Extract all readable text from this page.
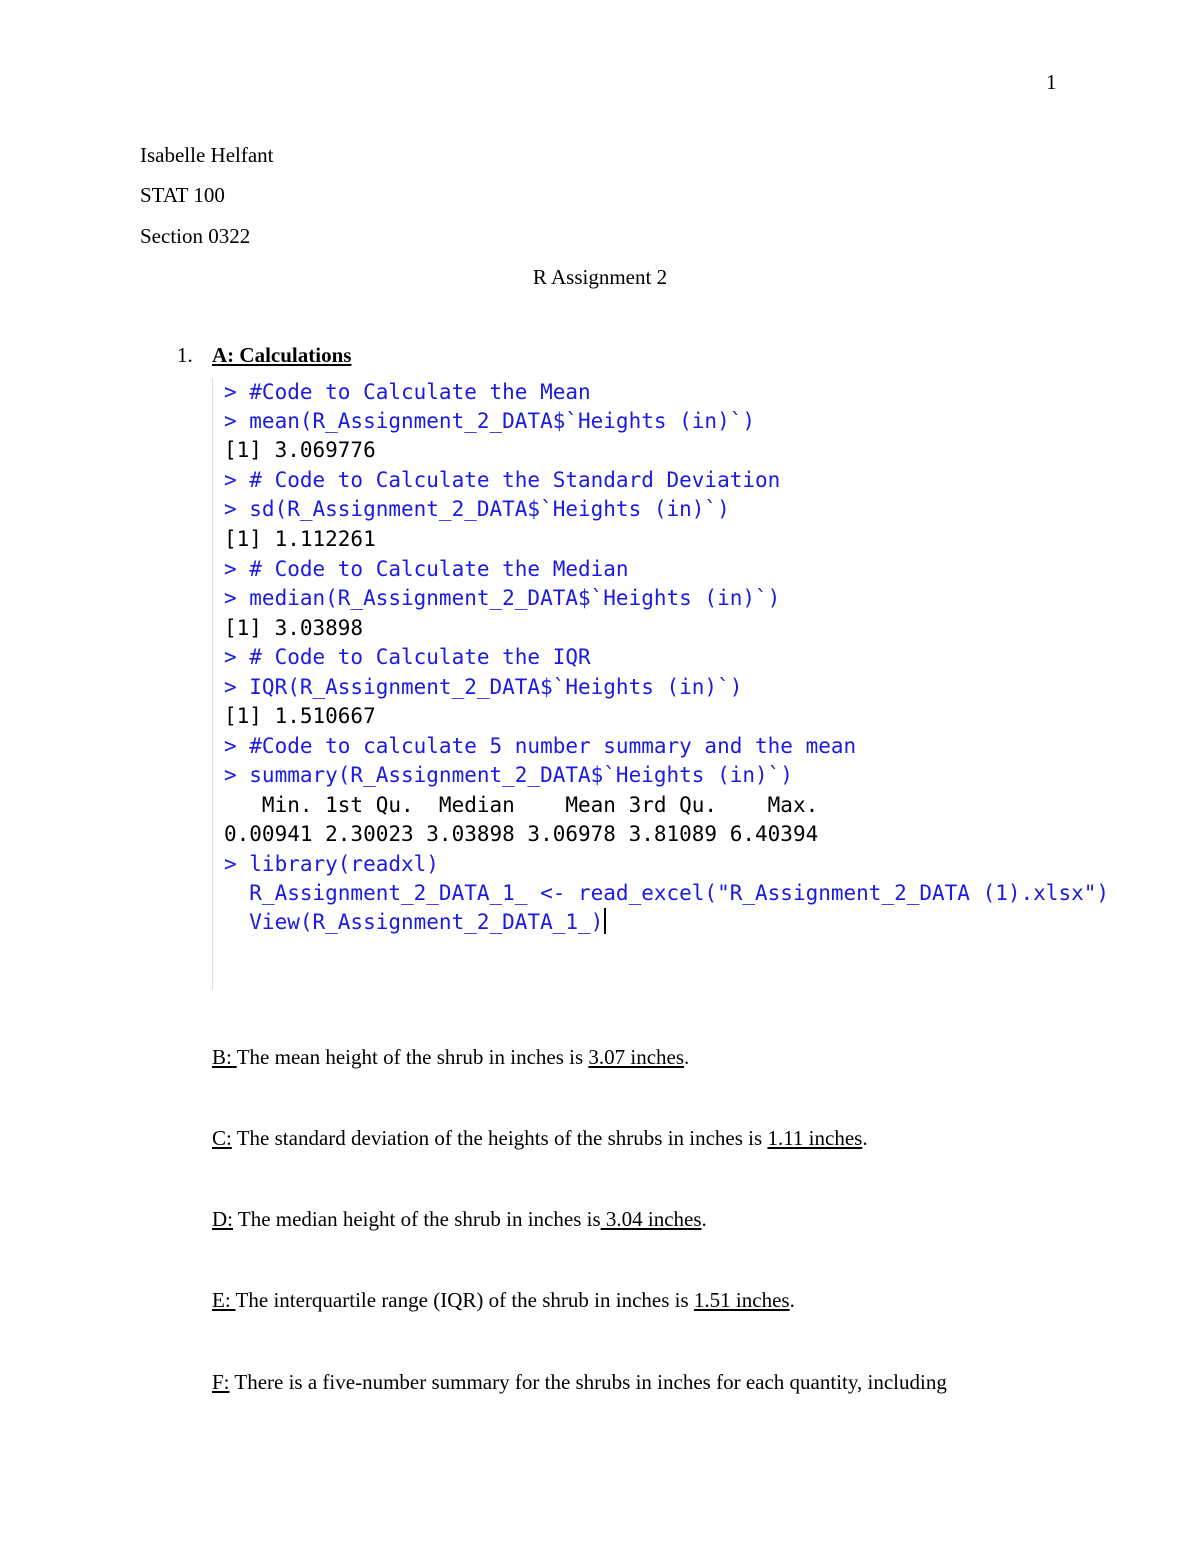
1
Isabelle Helfant
STAT 100
Section 0322
R Assignment 2
1. A: Calculations
> #Code to Calculate the Mean
> mean(R_Assignment_2_DATA$`Heights (in)`)
[1] 3.069776
> # Code to Calculate the Standard Deviation
> sd(R_Assignment_2_DATA$`Heights (in)`)
[1] 1.112261
> # Code to Calculate the Median
> median(R_Assignment_2_DATA$`Heights (in)`)
[1] 3.03898
> # Code to Calculate the IQR
> IQR(R_Assignment_2_DATA$`Heights (in)`)
[1] 1.510667
> #Code to calculate 5 number summary and the mean
> summary(R_Assignment_2_DATA$`Heights (in)`)
Min. 1st Qu.  Median    Mean 3rd Qu.    Max.
0.00941 2.30023 3.03898 3.06978 3.81089 6.40394
> library(readxl)
R_Assignment_2_DATA_1_ <- read_excel("R_Assignment_2_DATA (1).xlsx")
View(R_Assignment_2_DATA_1_)
B: The mean height of the shrub in inches is 3.07 inches.
C: The standard deviation of the heights of the shrubs in inches is 1.11 inches.
D: The median height of the shrub in inches is 3.04 inches.
E: The interquartile range (IQR) of the shrub in inches is 1.51 inches.
F: There is a five-number summary for the shrubs in inches for each quantity, including
